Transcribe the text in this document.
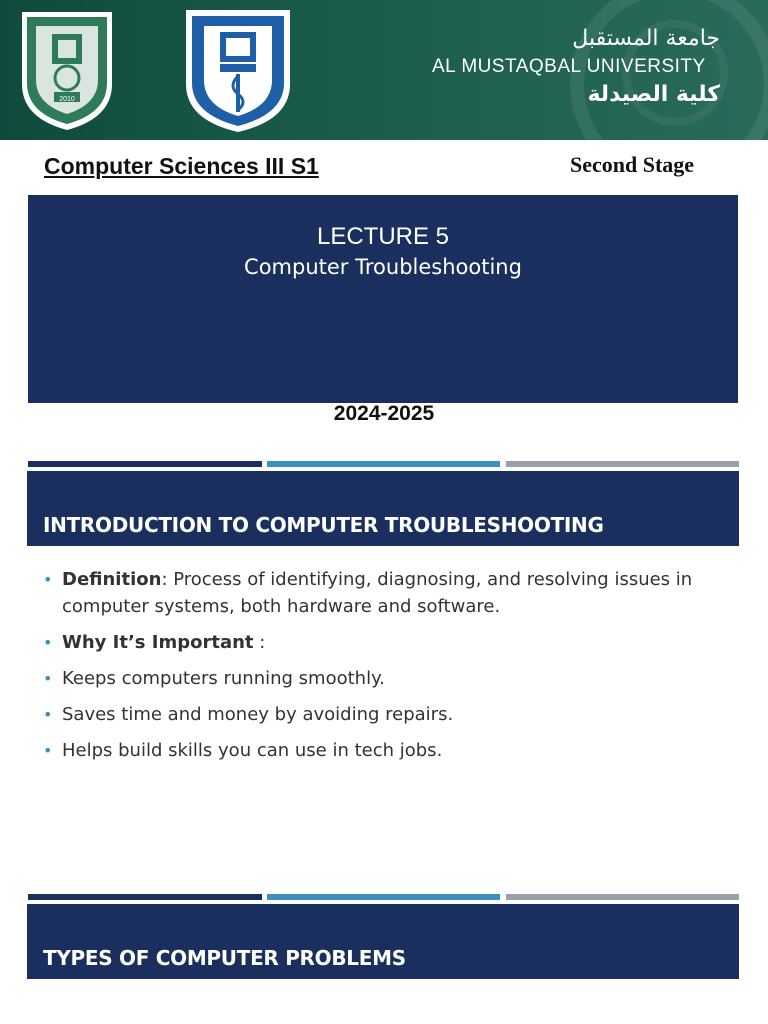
2010
جامعة المستقبل
AL MUSTAQBAL UNIVERSITY
كلية الصيدلة
Computer Sciences III S1	Second Stage
LECTURE 5
Computer Troubleshooting
2024-2025
INTRODUCTION TO COMPUTER TROUBLESHOOTING
• Definition: Process of identifying, diagnosing, and resolving issues in computer systems, both hardware and software.
• Why It’s Important :
• Keeps computers running smoothly.
• Saves time and money by avoiding repairs.
• Helps build skills you can use in tech jobs.
TYPES OF COMPUTER PROBLEMS
